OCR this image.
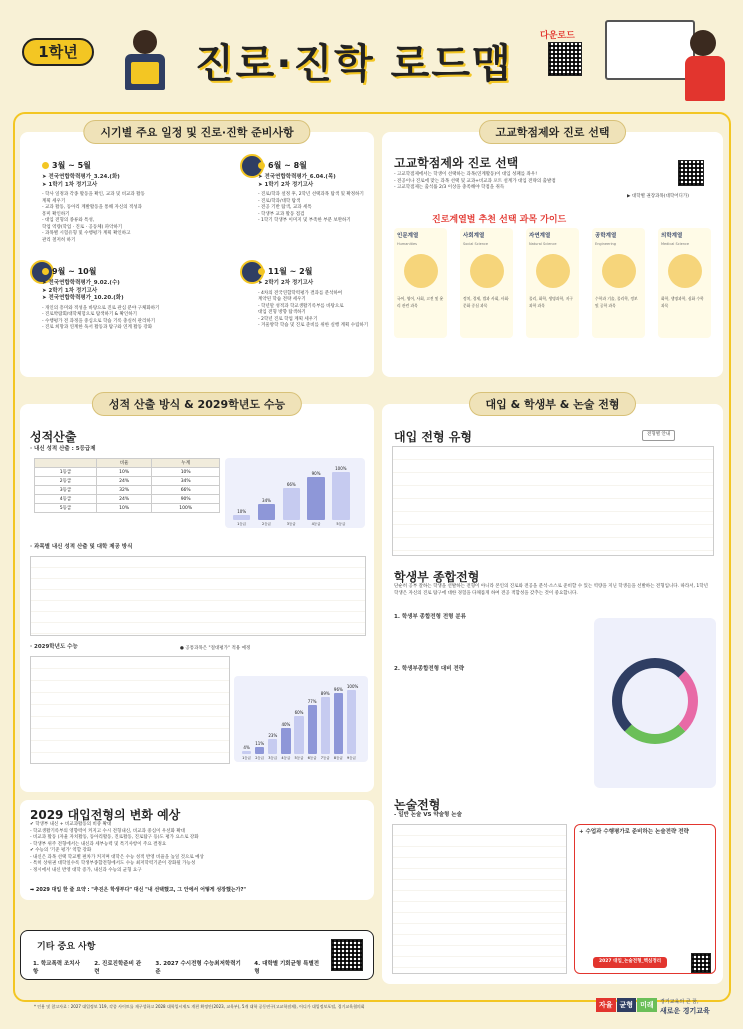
1학년	진로·진학 로드맵
다운로드
시기별 주요 일정 및 진로·진학 준비사항
3월 ~ 5월
➤ 전국연합학력평가_3.24.(화)
➤ 1학기 1차 정기고사
- 학사 일정과 각종 활동을 확인, 교과 및 비교과 활동
계획 세우기
- 교과 활동, 동아리 계발활동을 통해 자신의 적성과
흥미 확인하기
- 대입 전형의 종류와 특성,
학업 역량(학업 · 진로 · 공동체) 파악하기
- 과목별 시험유형 및 수행평가 계획 확인하고
관리 철저히 하기
6월 ~ 8월
➤ 전국연합학력평가_6.04.(목)
➤ 1학기 2차 정기고사
- 진로/학과 설정 후, 2학년 선택과목 탐색 및 확정하기
- 진로/학과/대학 탐색
- 전공 기반 탐색, 교과 세특
- 학생부 교과 활동 점검
- 1학기 학생부 이미지 및 부족한 부분 보완하기
9월 ~ 10월
➤ 전국연합학력평가_9.02.(수)
➤ 2학기 1차 정기고사
➤ 전국연합학력평가_10.20.(화)
- 개인의 흥미와 적성을 바탕으로 진로 관심 분야 구체화하기
- 진로박람회/대학체험으로 탐색하기 & 확인하기
- 수행평가 전 과정을 중심으로 학습 기록 충실히 관리하기
- 진로 희망과 연계한 독서 활동과 탐구와 연계 활동 강화
11월 ~ 2월
➤ 2학기 2차 정기고사
- 4차의 전국연합학력평가 결과를 분석하여
계약된 학습 전략 세우기
- 학년말 성적과 학교생활기록부를 바탕으로
대입 전형 방향 탐색하기
- 2학년 진로 학업 계획 세우기
- 겨울방학 학습 및 진로 준비를 위한 실행 계획 수립하기
고교학점제와 진로 선택
고교학점제와 진로 선택
- 고교학점제에서는 학생이 선택하는 과목(연계활동)이 대입 성패를 좌우!
- 전공이나 진로에 맞는 과목 선택 및 교과+비교과 포트 설계가 대입 전략의 출발점
- 고교학점제는 출석률 2/3 이상을 충족해야 학점을 취득
▶ 대학별 권장과목(대학어디가)
진로계열별 추천 선택 과목 가이드
인문계열
Humanities
국어, 영어, 사회, 고전 및 윤리 관련 과목
사회계열
Social Science
정치, 경제, 법과 사회, 사회·문화 중심 과목
자연계열
Natural Science
물리, 화학, 생명과학, 지구과학 과목
공학계열
Engineering
수학과 기술, 물리학, 정보 및 공학 과목
의학계열
Medical Science
화학, 생명과학, 심화 수학 과목
성적 산출 방식 & 2029학년도 수능
성적산출
· 내신 성적 산출 : 5등급제
	비율	누계
1등급	10%	10%
2등급	24%	34%
3등급	32%	66%
4등급	24%	90%
5등급	10%	100%
10%
1등급
34%
2등급
66%
3등급
90%
4등급
100%
5등급
· 과목별 내신 성적 산출 및 대학 제공 방식
· 2029학년도 수능	● 공통과목은 "절대평가" 적용 예정
4%
1등급
11%
2등급
23%
3등급
40%
4등급
60%
5등급
77%
6등급
89%
7등급
96%
8등급
100%
9등급
2029 대입전형의 변화 예상
✔ 학생부 내신 + 비교과활동의 비중 확대
- 학교생활기록부의 영향력이 커지고 수시 전형내신, 비교과 중심이 우선화 확대
- 비교과 활동 (자율 자치활동, 동아리활동, 진로활동, 진로탐구 등)도 평가 요소로 강화
- 학생부 위주 전형에서는 내신과 세부능력 및 특기사항이 주요 결정요
✔ 수능의 '기준 평가' 역할 강화
- 내신은 과목 선택 학교별 편차가 커지며 대학은 수능 성적 반영 비율을 높일 것으로 예상
- 특히 상위권 대학일수록 학생부종합전형에서도 수능 최저학력기준이 강화될 가능성
- 정시에서 내신 반영 대학 증가, 내신과 수능의 균형 요구
➡ 2029 대입 한 줄 요약 : "추진은 학생부다" 대신 "내 선택했고, 그 안에서 어떻게 성장했는가?"
기타 중요 사항
1. 학교폭력 조치사항
2. 진로진학준비 관련
3. 2027 수시전형 수능최저학력기준
4. 대학별 기회균형 특별전형
대입 & 학생부 & 논술 전형
대입 전형 유형	전형별 안내
학생부 종합전형
단순히 공부 잘하는 학생을 선발하는 전형이 아니라 본인의 진로와 전공을 분석·소스로 준비할 수 있는 역량을 지닌 학생들을 선발하는 전형입니다. 따라서, 1학년 학생은 자신의 진로 탐구에 대한 경험을 다채롭게 하여 전공 적합성을 갖추는 것이 중요합니다.
1. 학생부 종합전형 전형 분류
2. 학생부종합전형 대비 전략
논술전형
- 일반 논술 VS 약술형 논술
+ 수업과 수행평가로 준비하는 논술전략 전략
2027 대입_논술전형_핵심정리
* 인용 및 참고자료 : 2027 대입정보 119, 각종 사이트를 재구성하고 2028 대학입시제도 개편 확정안(2023, 교육부), 5개 대학 공동연구(고교학점제), 어디가 대입정보포털, 경기교육협의회	자율	균형	미래	경기교육의 큰 꿈,
새로운 경기교육
